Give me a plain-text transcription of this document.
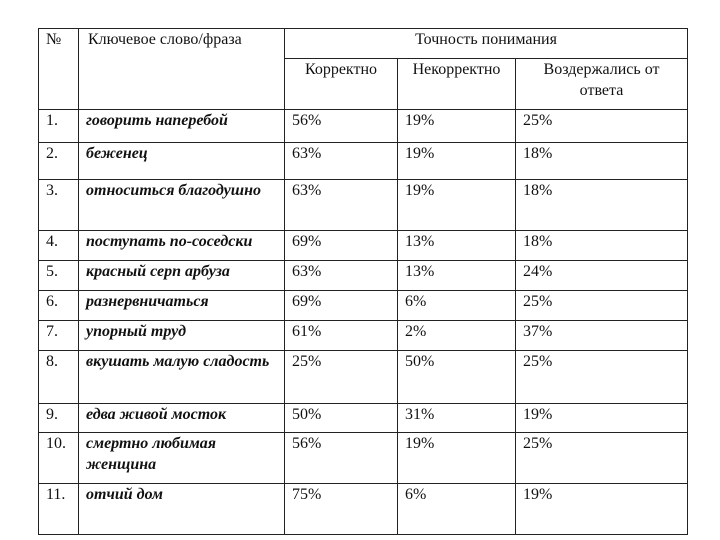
№	Ключевое слово/фраза	Точность понимания		
		Корректно	Некорректно	Воздержались от ответа
1.	говорить наперебой	56%	19%	25%
2.	беженец	63%	19%	18%
3.	относиться благодушно	63%	19%	18%
4.	поступать по-соседски	69%	13%	18%
5.	красный серп арбуза	63%	13%	24%
6.	разнервничаться	69%	6%	25%
7.	упорный труд	61%	2%	37%
8.	вкушать малую сладость	25%	50%	25%
9.	едва живой мосток	50%	31%	19%
10.	смертно любимая женщина	56%	19%	25%
11.	отчий дом	75%	6%	19%
